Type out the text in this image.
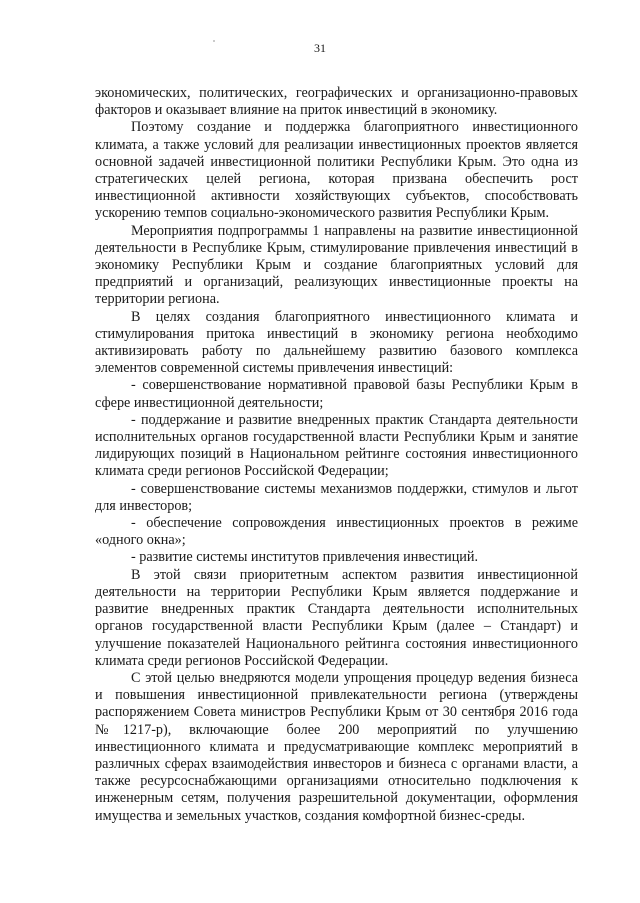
31

экономических, политических, географических и организационно-правовых факторов и оказывает влияние на приток инвестиций в экономику.

Поэтому создание и поддержка благоприятного инвестиционного климата, а также условий для реализации инвестиционных проектов является основной задачей инвестиционной политики Республики Крым. Это одна из стратегических целей региона, которая призвана обеспечить рост инвестиционной активности хозяйствующих субъектов, способствовать ускорению темпов социально-экономического развития Республики Крым.

Мероприятия подпрограммы 1 направлены на развитие инвестиционной деятельности в Республике Крым, стимулирование привлечения инвестиций в экономику Республики Крым и создание благоприятных условий для предприятий и организаций, реализующих инвестиционные проекты на территории региона.

В целях создания благоприятного инвестиционного климата и стимулирования притока инвестиций в экономику региона необходимо активизировать работу по дальнейшему развитию базового комплекса элементов современной системы привлечения инвестиций:

- совершенствование нормативной правовой базы Республики Крым в сфере инвестиционной деятельности;

- поддержание и развитие внедренных практик Стандарта деятельности исполнительных органов государственной власти Республики Крым и занятие лидирующих позиций в Национальном рейтинге состояния инвестиционного климата среди регионов Российской Федерации;

- совершенствование системы механизмов поддержки, стимулов и льгот для инвесторов;

- обеспечение сопровождения инвестиционных проектов в режиме «одного окна»;

- развитие системы институтов привлечения инвестиций.

В этой связи приоритетным аспектом развития инвестиционной деятельности на территории Республики Крым является поддержание и развитие внедренных практик Стандарта деятельности исполнительных органов государственной власти Республики Крым (далее – Стандарт) и улучшение показателей Национального рейтинга состояния инвестиционного климата среди регионов Российской Федерации.

С этой целью внедряются модели упрощения процедур ведения бизнеса и повышения инвестиционной привлекательности региона (утверждены распоряжением Совета министров Республики Крым от 30 сентября 2016 года №1217-р), включающие более 200 мероприятий по улучшению инвестиционного климата и предусматривающие комплекс мероприятий в различных сферах взаимодействия инвесторов и бизнеса с органами власти, а также ресурсоснабжающими организациями относительно подключения к инженерным сетям, получения разрешительной документации, оформления имущества и земельных участков, создания комфортной бизнес-среды.
